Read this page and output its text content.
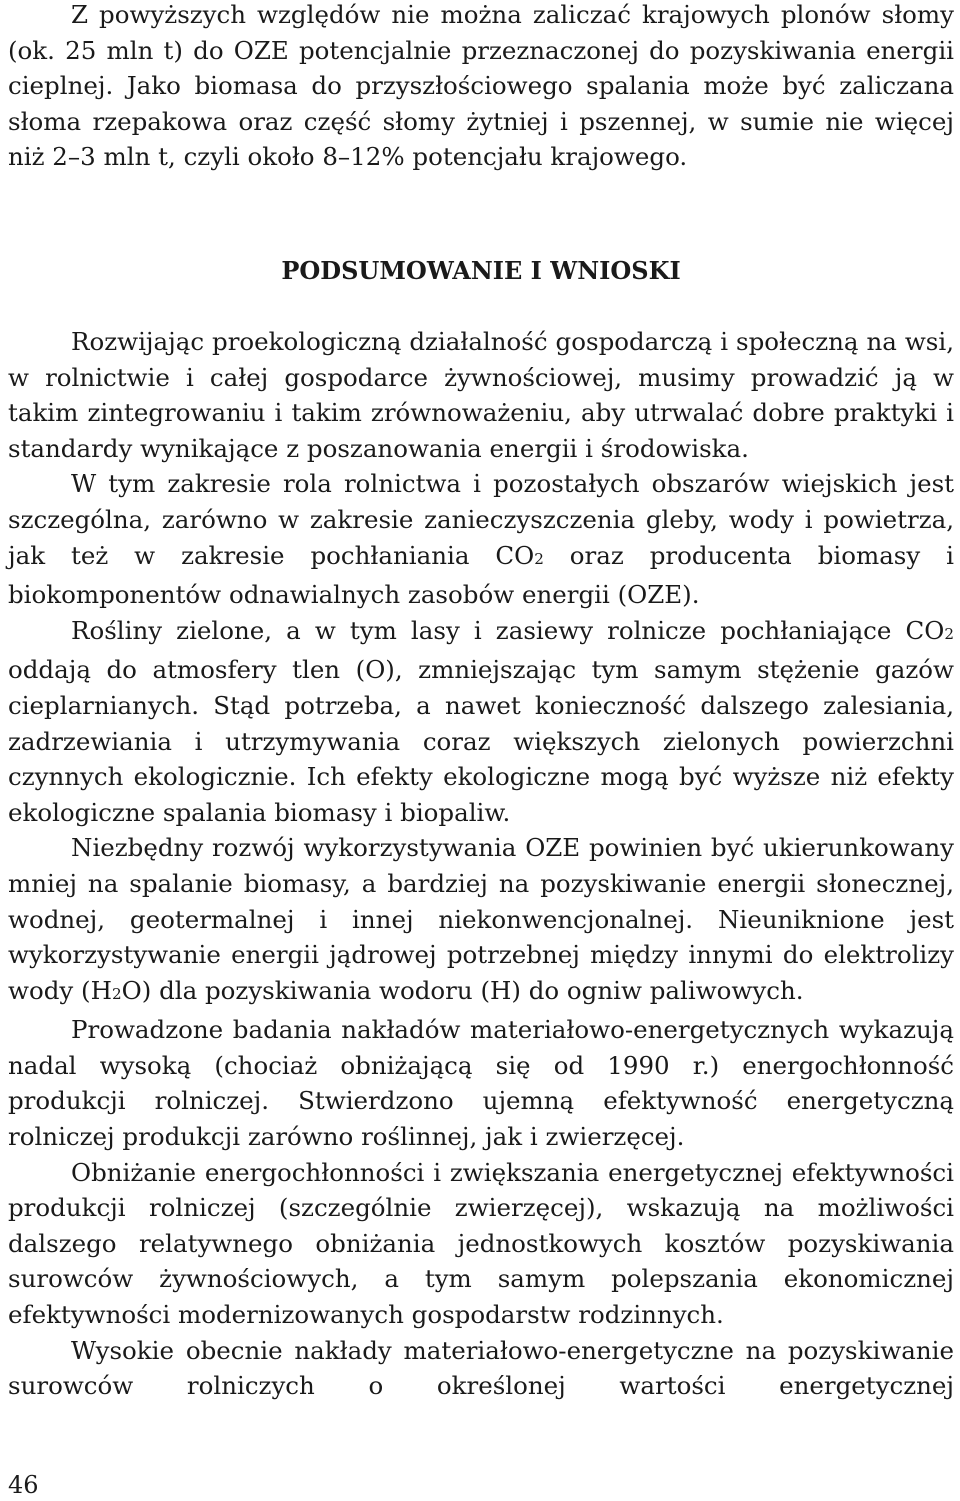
Z powyższych względów nie można zaliczać krajowych plonów słomy (ok. 25 mln t) do OZE potencjalnie przeznaczonej do pozyskiwania energii cieplnej. Jako biomasa do przyszłościowego spalania może być zaliczana słoma rzepakowa oraz część słomy żytniej i pszennej, w sumie nie więcej niż 2–3 mln t, czyli około 8–12% potencjału krajowego.

PODSUMOWANIE I WNIOSKI

Rozwijając proekologiczną działalność gospodarczą i społeczną na wsi, w rolnictwie i całej gospodarce żywnościowej, musimy prowadzić ją w takim zintegrowaniu i takim zrównoważeniu, aby utrwalać dobre praktyki i standardy wynikające z poszanowania energii i środowiska.

W tym zakresie rola rolnictwa i pozostałych obszarów wiejskich jest szczególna, zarówno w zakresie zanieczyszczenia gleby, wody i powietrza, jak też w zakresie pochłaniania CO2 oraz producenta biomasy i biokomponentów odnawialnych zasobów energii (OZE).

Rośliny zielone, a w tym lasy i zasiewy rolnicze pochłaniające CO2 oddają do atmosfery tlen (O), zmniejszając tym samym stężenie gazów cieplarnianych. Stąd potrzeba, a nawet konieczność dalszego zalesiania, zadrzewiania i utrzymywania coraz większych zielonych powierzchni czynnych ekologicznie. Ich efekty ekologiczne mogą być wyższe niż efekty ekologiczne spalania biomasy i biopaliw.

Niezbędny rozwój wykorzystywania OZE powinien być ukierunkowany mniej na spalanie biomasy, a bardziej na pozyskiwanie energii słonecznej, wodnej, geotermalnej i innej niekonwencjonalnej. Nieuniknione jest wykorzystywanie energii jądrowej potrzebnej między innymi do elektrolizy wody (H2O) dla pozyskiwania wodoru (H) do ogniw paliwowych.

Prowadzone badania nakładów materiałowo-energetycznych wykazują nadal wysoką (chociaż obniżającą się od 1990 r.) energochłonność produkcji rolniczej. Stwierdzono ujemną efektywność energetyczną rolniczej produkcji zarówno roślinnej, jak i zwierzęcej.

Obniżanie energochłonności i zwiększania energetycznej efektywności produkcji rolniczej (szczególnie zwierzęcej), wskazują na możliwości dalszego relatywnego obniżania jednostkowych kosztów pozyskiwania surowców żywnościowych, a tym samym polepszania ekonomicznej efektywności modernizowanych gospodarstw rodzinnych.

Wysokie obecnie nakłady materiałowo-energetyczne na pozyskiwanie surowców rolniczych o określonej wartości energetycznej

46
